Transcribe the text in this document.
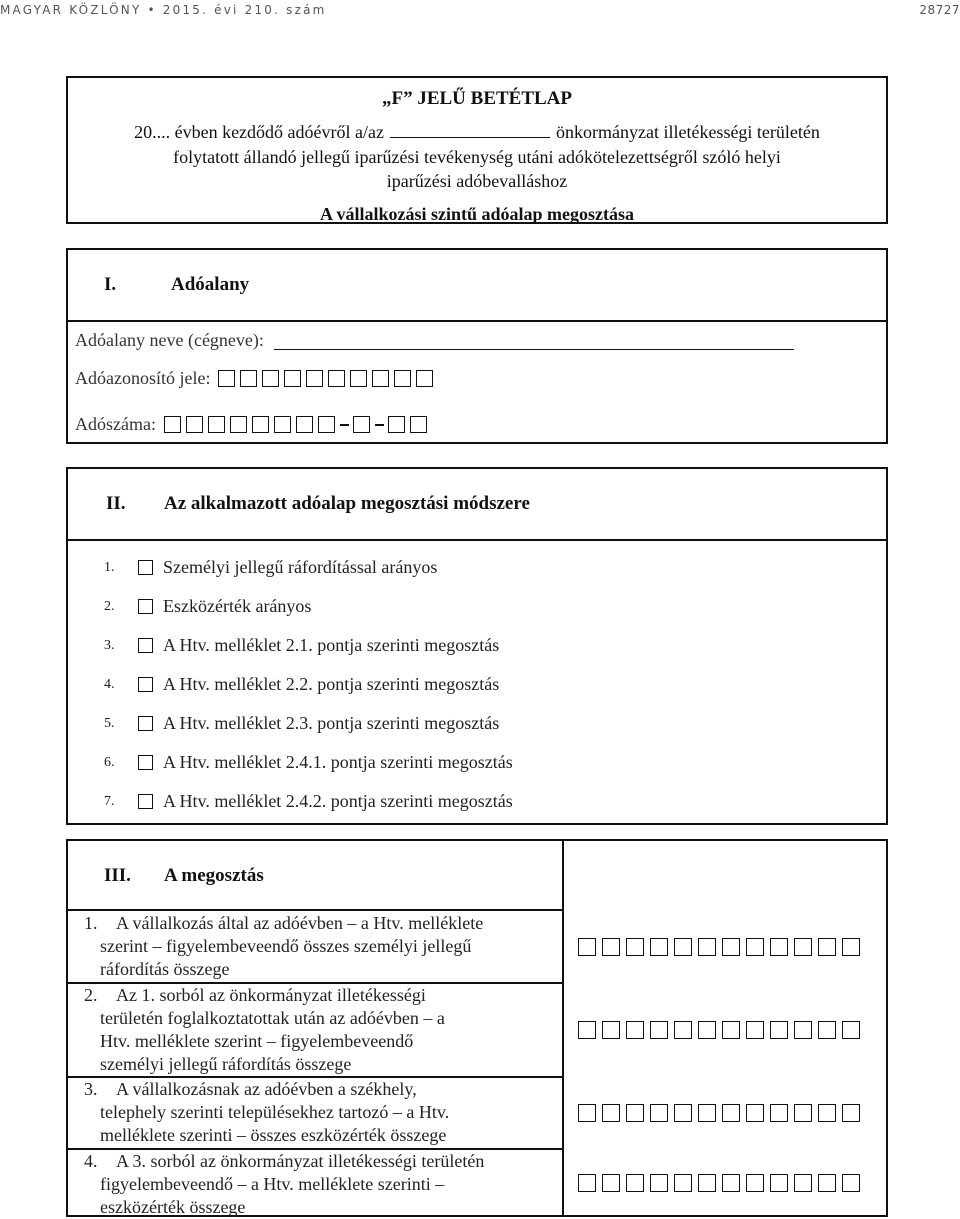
MAGYAR KÖZLÖNY • 2015. évi 210. szám	28727
„F” JELŰ BETÉTLAP
20.... évben kezdődő adóévről a/az	önkormányzat illetékességi területén
folytatott állandó jellegű iparűzési tevékenység utáni adókötelezettségről szóló helyi
iparűzési adóbevalláshoz
A vállalkozási szintű adóalap megosztása
I.	Adóalany
Adóalany neve (cégneve):
Adóazonosító jele:
Adószáma:
II. Az alkalmazott adóalap megosztási módszere
1.	Személyi jellegű ráfordítással arányos
2.	Eszközérték arányos
3.	A Htv. melléklet 2.1. pontja szerinti megosztás
4.	A Htv. melléklet 2.2. pontja szerinti megosztás
5.	A Htv. melléklet 2.3. pontja szerinti megosztás
6.	A Htv. melléklet 2.4.1. pontja szerinti megosztás
7.	A Htv. melléklet 2.4.2. pontja szerinti megosztás
III. A megosztás
1. A vállalkozás által az adóévben – a Htv. melléklete
szerint – figyelembeveendő összes személyi jellegű
ráfordítás összege
2. Az 1. sorból az önkormányzat illetékességi
területén foglalkoztatottak után az adóévben – a
Htv. melléklete szerint – figyelembeveendő
személyi jellegű ráfordítás összege
3. A vállalkozásnak az adóévben a székhely,
telephely szerinti településekhez tartozó – a Htv.
melléklete szerinti – összes eszközérték összege
4. A 3. sorból az önkormányzat illetékességi területén
figyelembeveendő – a Htv. melléklete szerinti –
eszközérték összege
